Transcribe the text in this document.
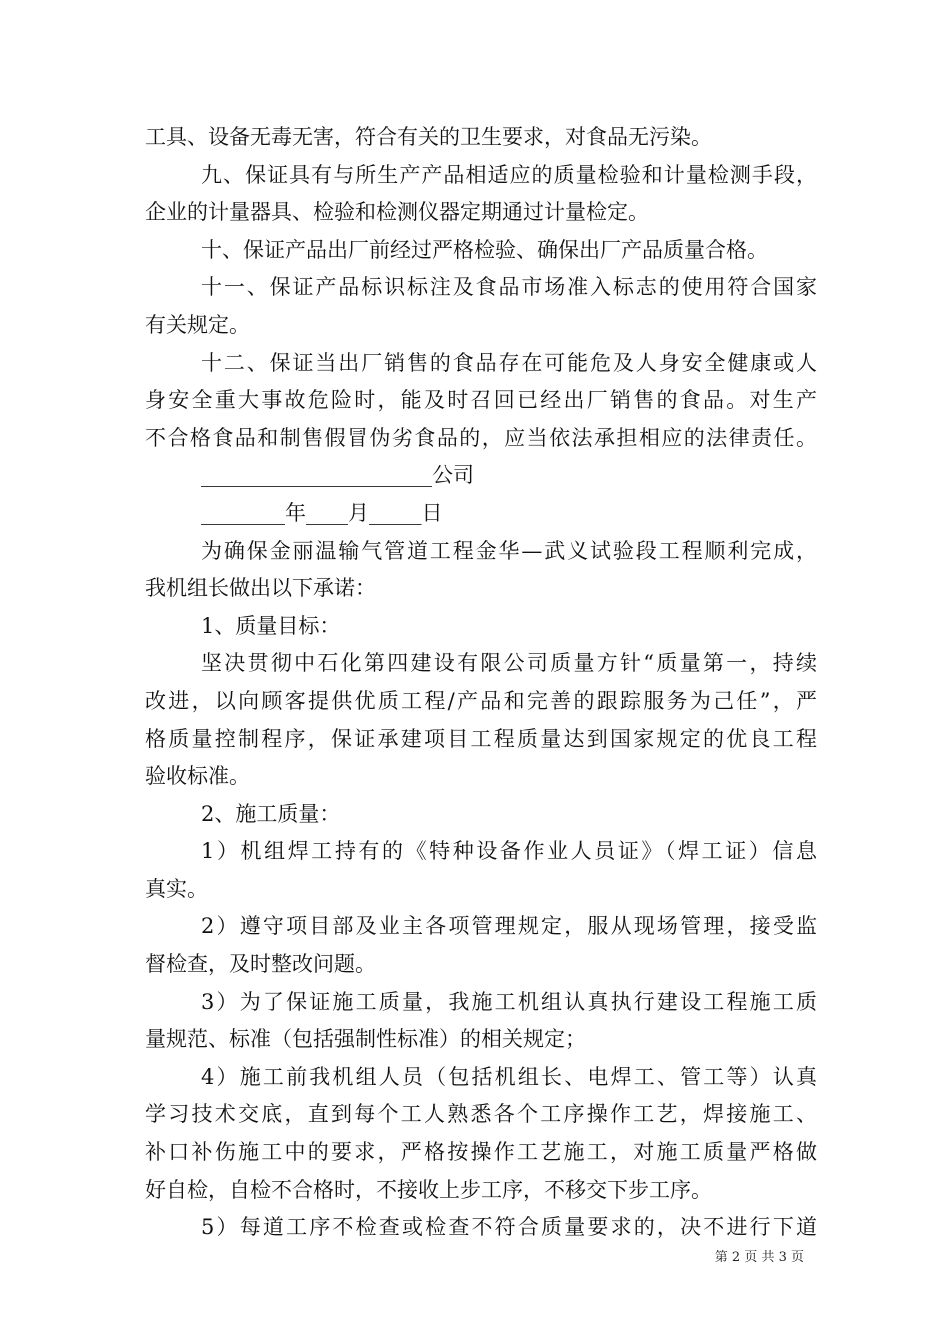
工具、设备无毒无害，符合有关的卫生要求，对食品无污染。
九、保证具有与所生产产品相适应的质量检验和计量检测手段，
企业的计量器具、检验和检测仪器定期通过计量检定。
十、保证产品出厂前经过严格检验、确保出厂产品质量合格。
十一、保证产品标识标注及食品市场准入标志的使用符合国家
有关规定。
十二、保证当出厂销售的食品存在可能危及人身安全健康或人
身安全重大事故危险时，能及时召回已经出厂销售的食品。对生产
不合格食品和制售假冒伪劣食品的，应当依法承担相应的法律责任。
______________________公司
________年____月_____日
为确保金丽温输气管道工程金华—武义试验段工程顺利完成，
我机组长做出以下承诺：
1、质量目标：
坚决贯彻中石化第四建设有限公司质量方针“质量第一，持续
改进，以向顾客提供优质工程/产品和完善的跟踪服务为己任”，严
格质量控制程序，保证承建项目工程质量达到国家规定的优良工程
验收标准。
2、施工质量：
1）机组焊工持有的《特种设备作业人员证》（焊工证）信息
真实。
2）遵守项目部及业主各项管理规定，服从现场管理，接受监
督检查，及时整改问题。
3）为了保证施工质量，我施工机组认真执行建设工程施工质
量规范、标准（包括强制性标准）的相关规定；
4）施工前我机组人员（包括机组长、电焊工、管工等）认真
学习技术交底，直到每个工人熟悉各个工序操作工艺，焊接施工、
补口补伤施工中的要求，严格按操作工艺施工，对施工质量严格做
好自检，自检不合格时，不接收上步工序，不移交下步工序。
5）每道工序不检查或检查不符合质量要求的，决不进行下道
第 2 页 共 3 页
